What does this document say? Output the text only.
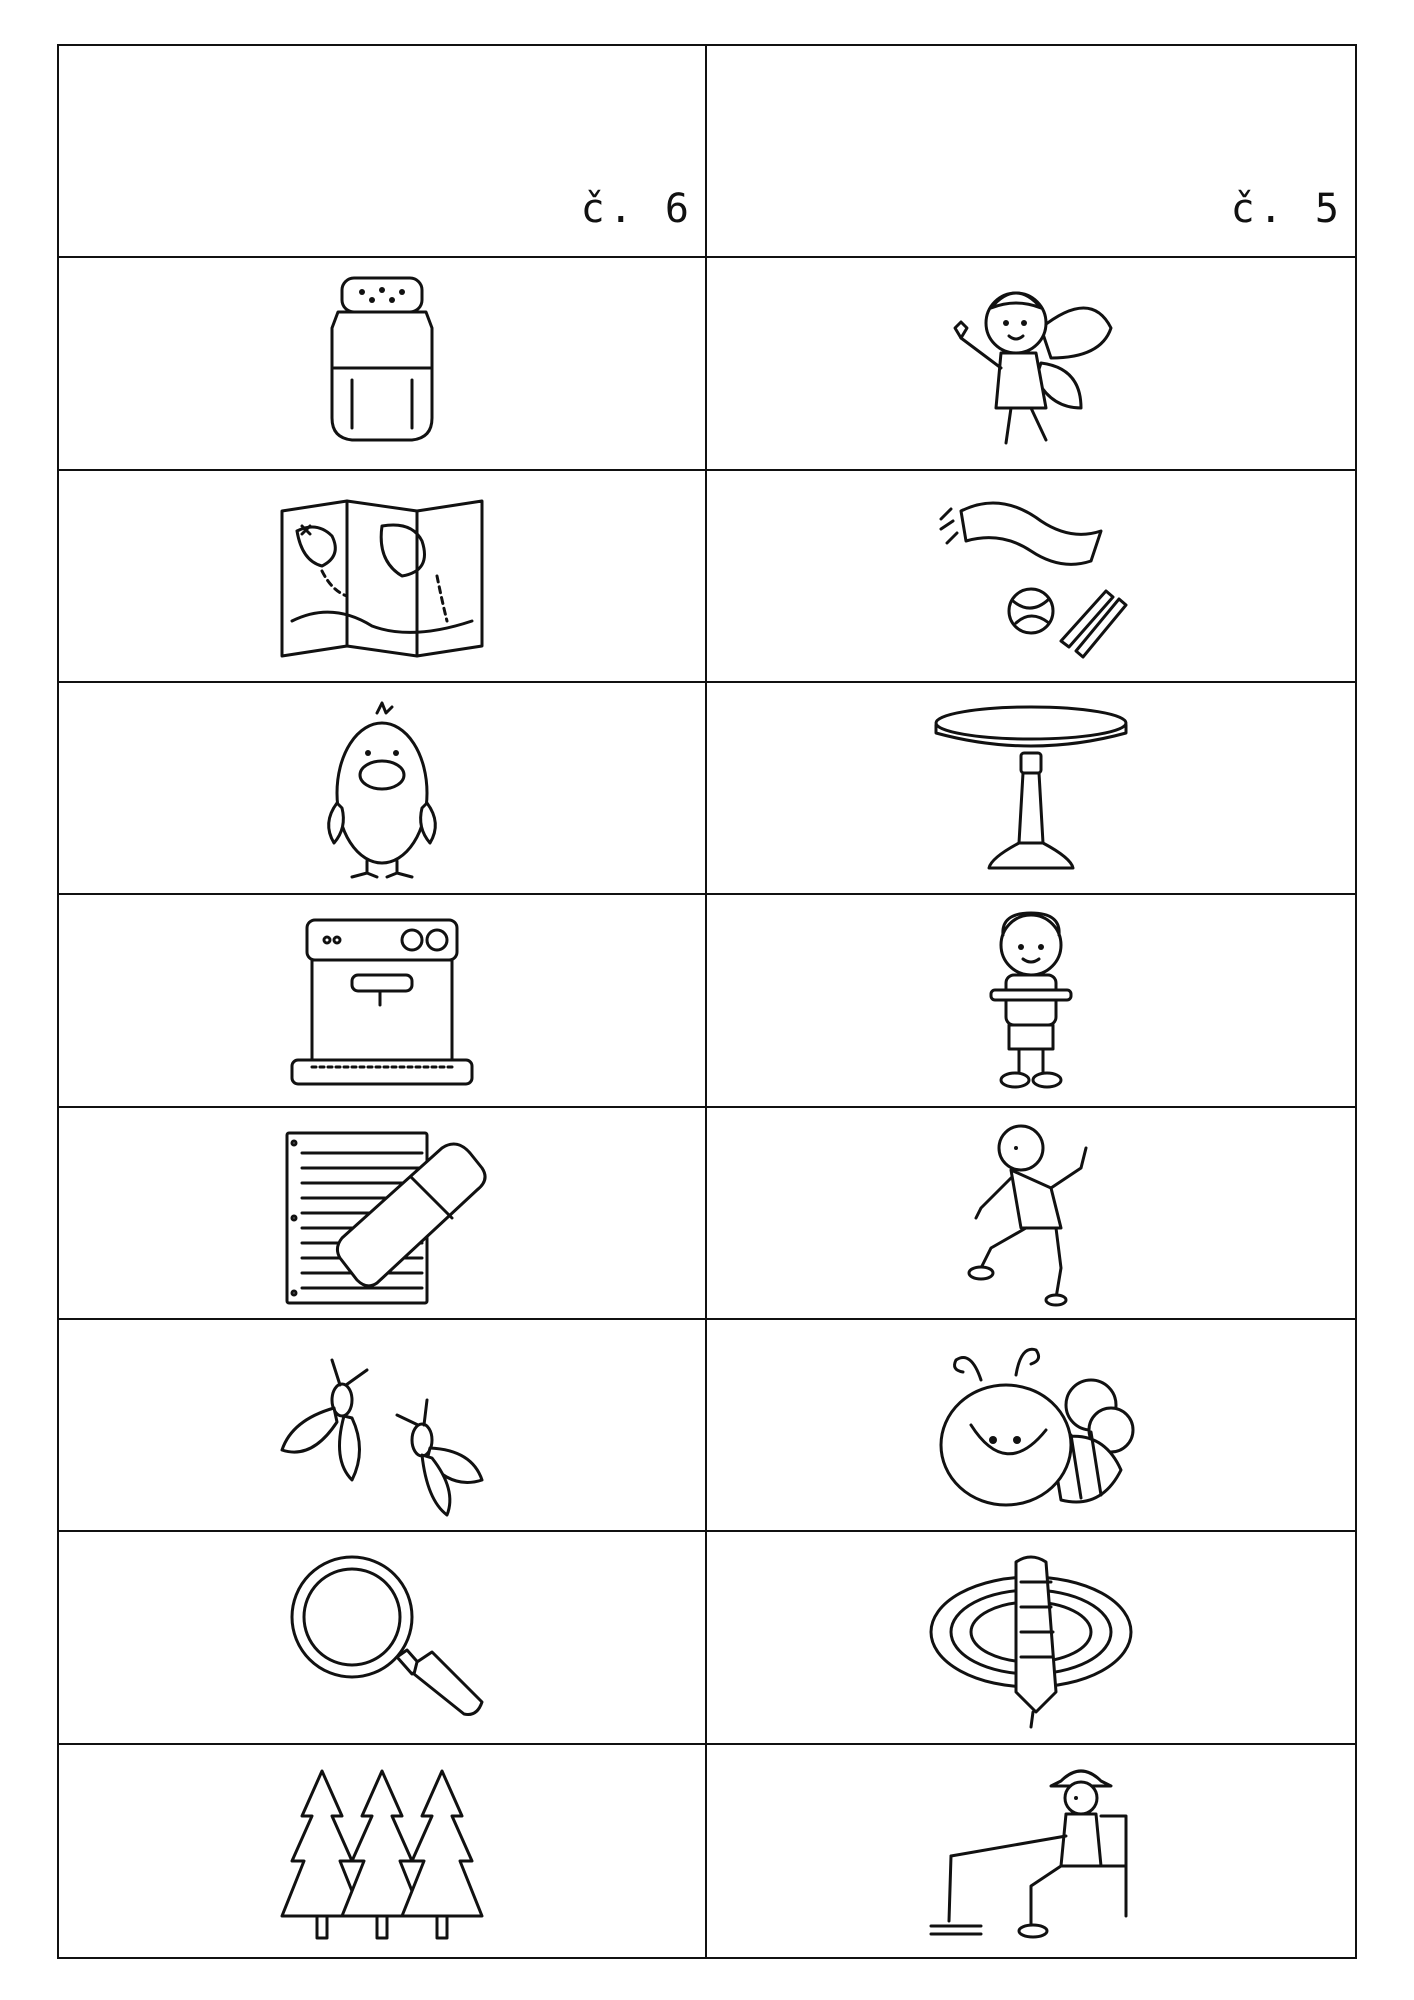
č. 6	č. 5
